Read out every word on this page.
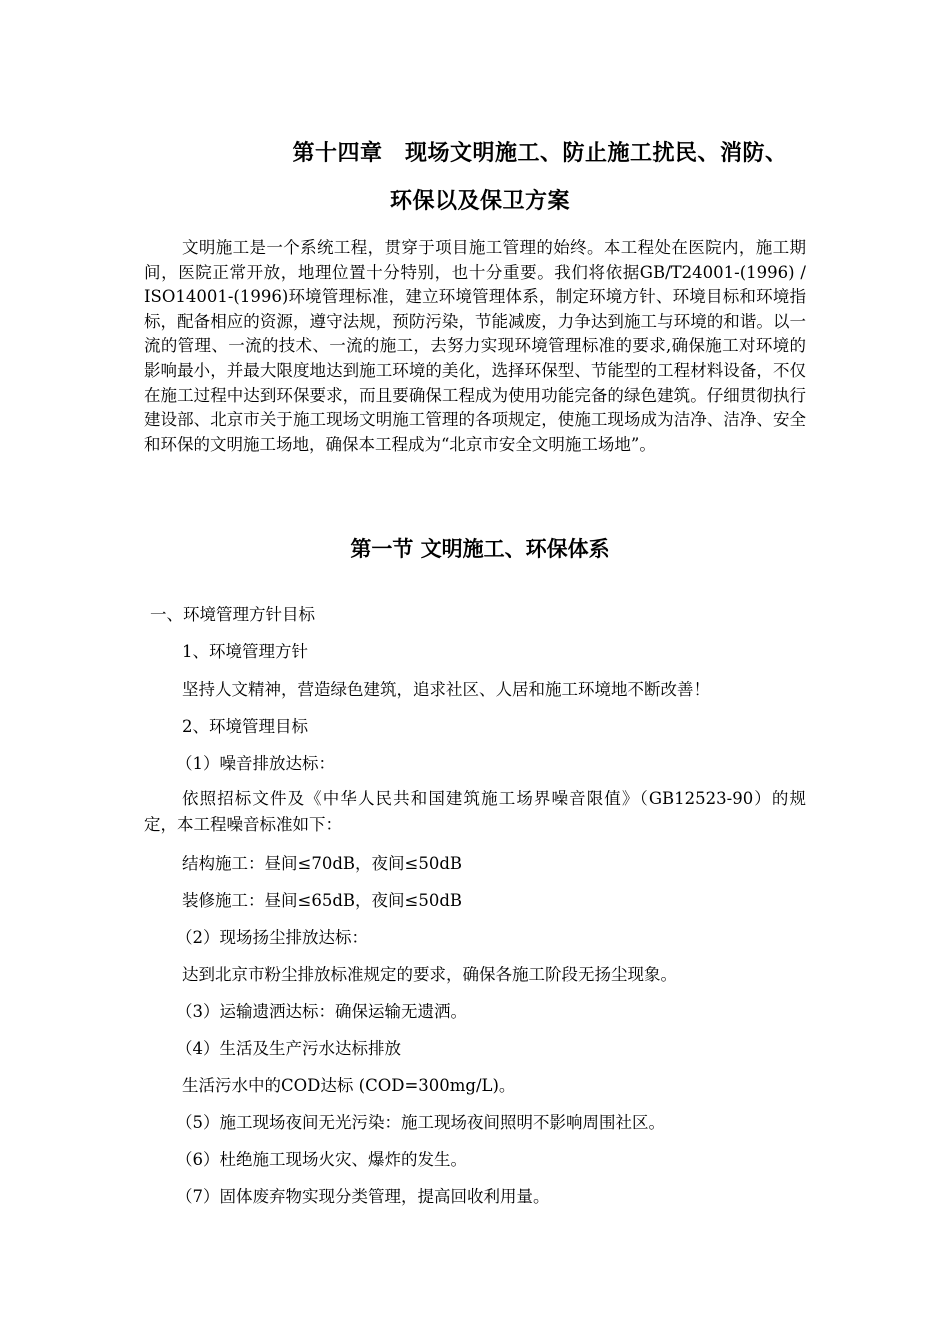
第十四章　现场文明施工、防止施工扰民、消防、
环保以及保卫方案

文明施工是一个系统工程，贯穿于项目施工管理的始终。本工程处在医院内，施工期间，医院正常开放，地理位置十分特别，也十分重要。我们将依据GB/T24001-(1996) / ISO14001-(1996)环境管理标准，建立环境管理体系，制定环境方针、环境目标和环境指标，配备相应的资源，遵守法规，预防污染，节能减废，力争达到施工与环境的和谐。以一流的管理、一流的技术、一流的施工，去努力实现环境管理标准的要求,确保施工对环境的影响最小，并最大限度地达到施工环境的美化，选择环保型、节能型的工程材料设备，不仅在施工过程中达到环保要求，而且要确保工程成为使用功能完备的绿色建筑。仔细贯彻执行建设部、北京市关于施工现场文明施工管理的各项规定，使施工现场成为洁净、洁净、安全和环保的文明施工场地，确保本工程成为“北京市安全文明施工场地”。

第一节 文明施工、环保体系

一、环境管理方针目标

1、环境管理方针

坚持人文精神，营造绿色建筑，追求社区、人居和施工环境地不断改善！

2、环境管理目标

（1）噪音排放达标：

依照招标文件及《中华人民共和国建筑施工场界噪音限值》（GB12523-90）的规定，本工程噪音标准如下：

结构施工：昼间≤70dB，夜间≤50dB

装修施工：昼间≤65dB，夜间≤50dB

（2）现场扬尘排放达标：

达到北京市粉尘排放标准规定的要求，确保各施工阶段无扬尘现象。

（3）运输遗洒达标：确保运输无遗洒。

（4）生活及生产污水达标排放

生活污水中的COD达标 (COD=300mg/L)。

（5）施工现场夜间无光污染：施工现场夜间照明不影响周围社区。

（6）杜绝施工现场火灾、爆炸的发生。

（7）固体废弃物实现分类管理，提高回收利用量。
